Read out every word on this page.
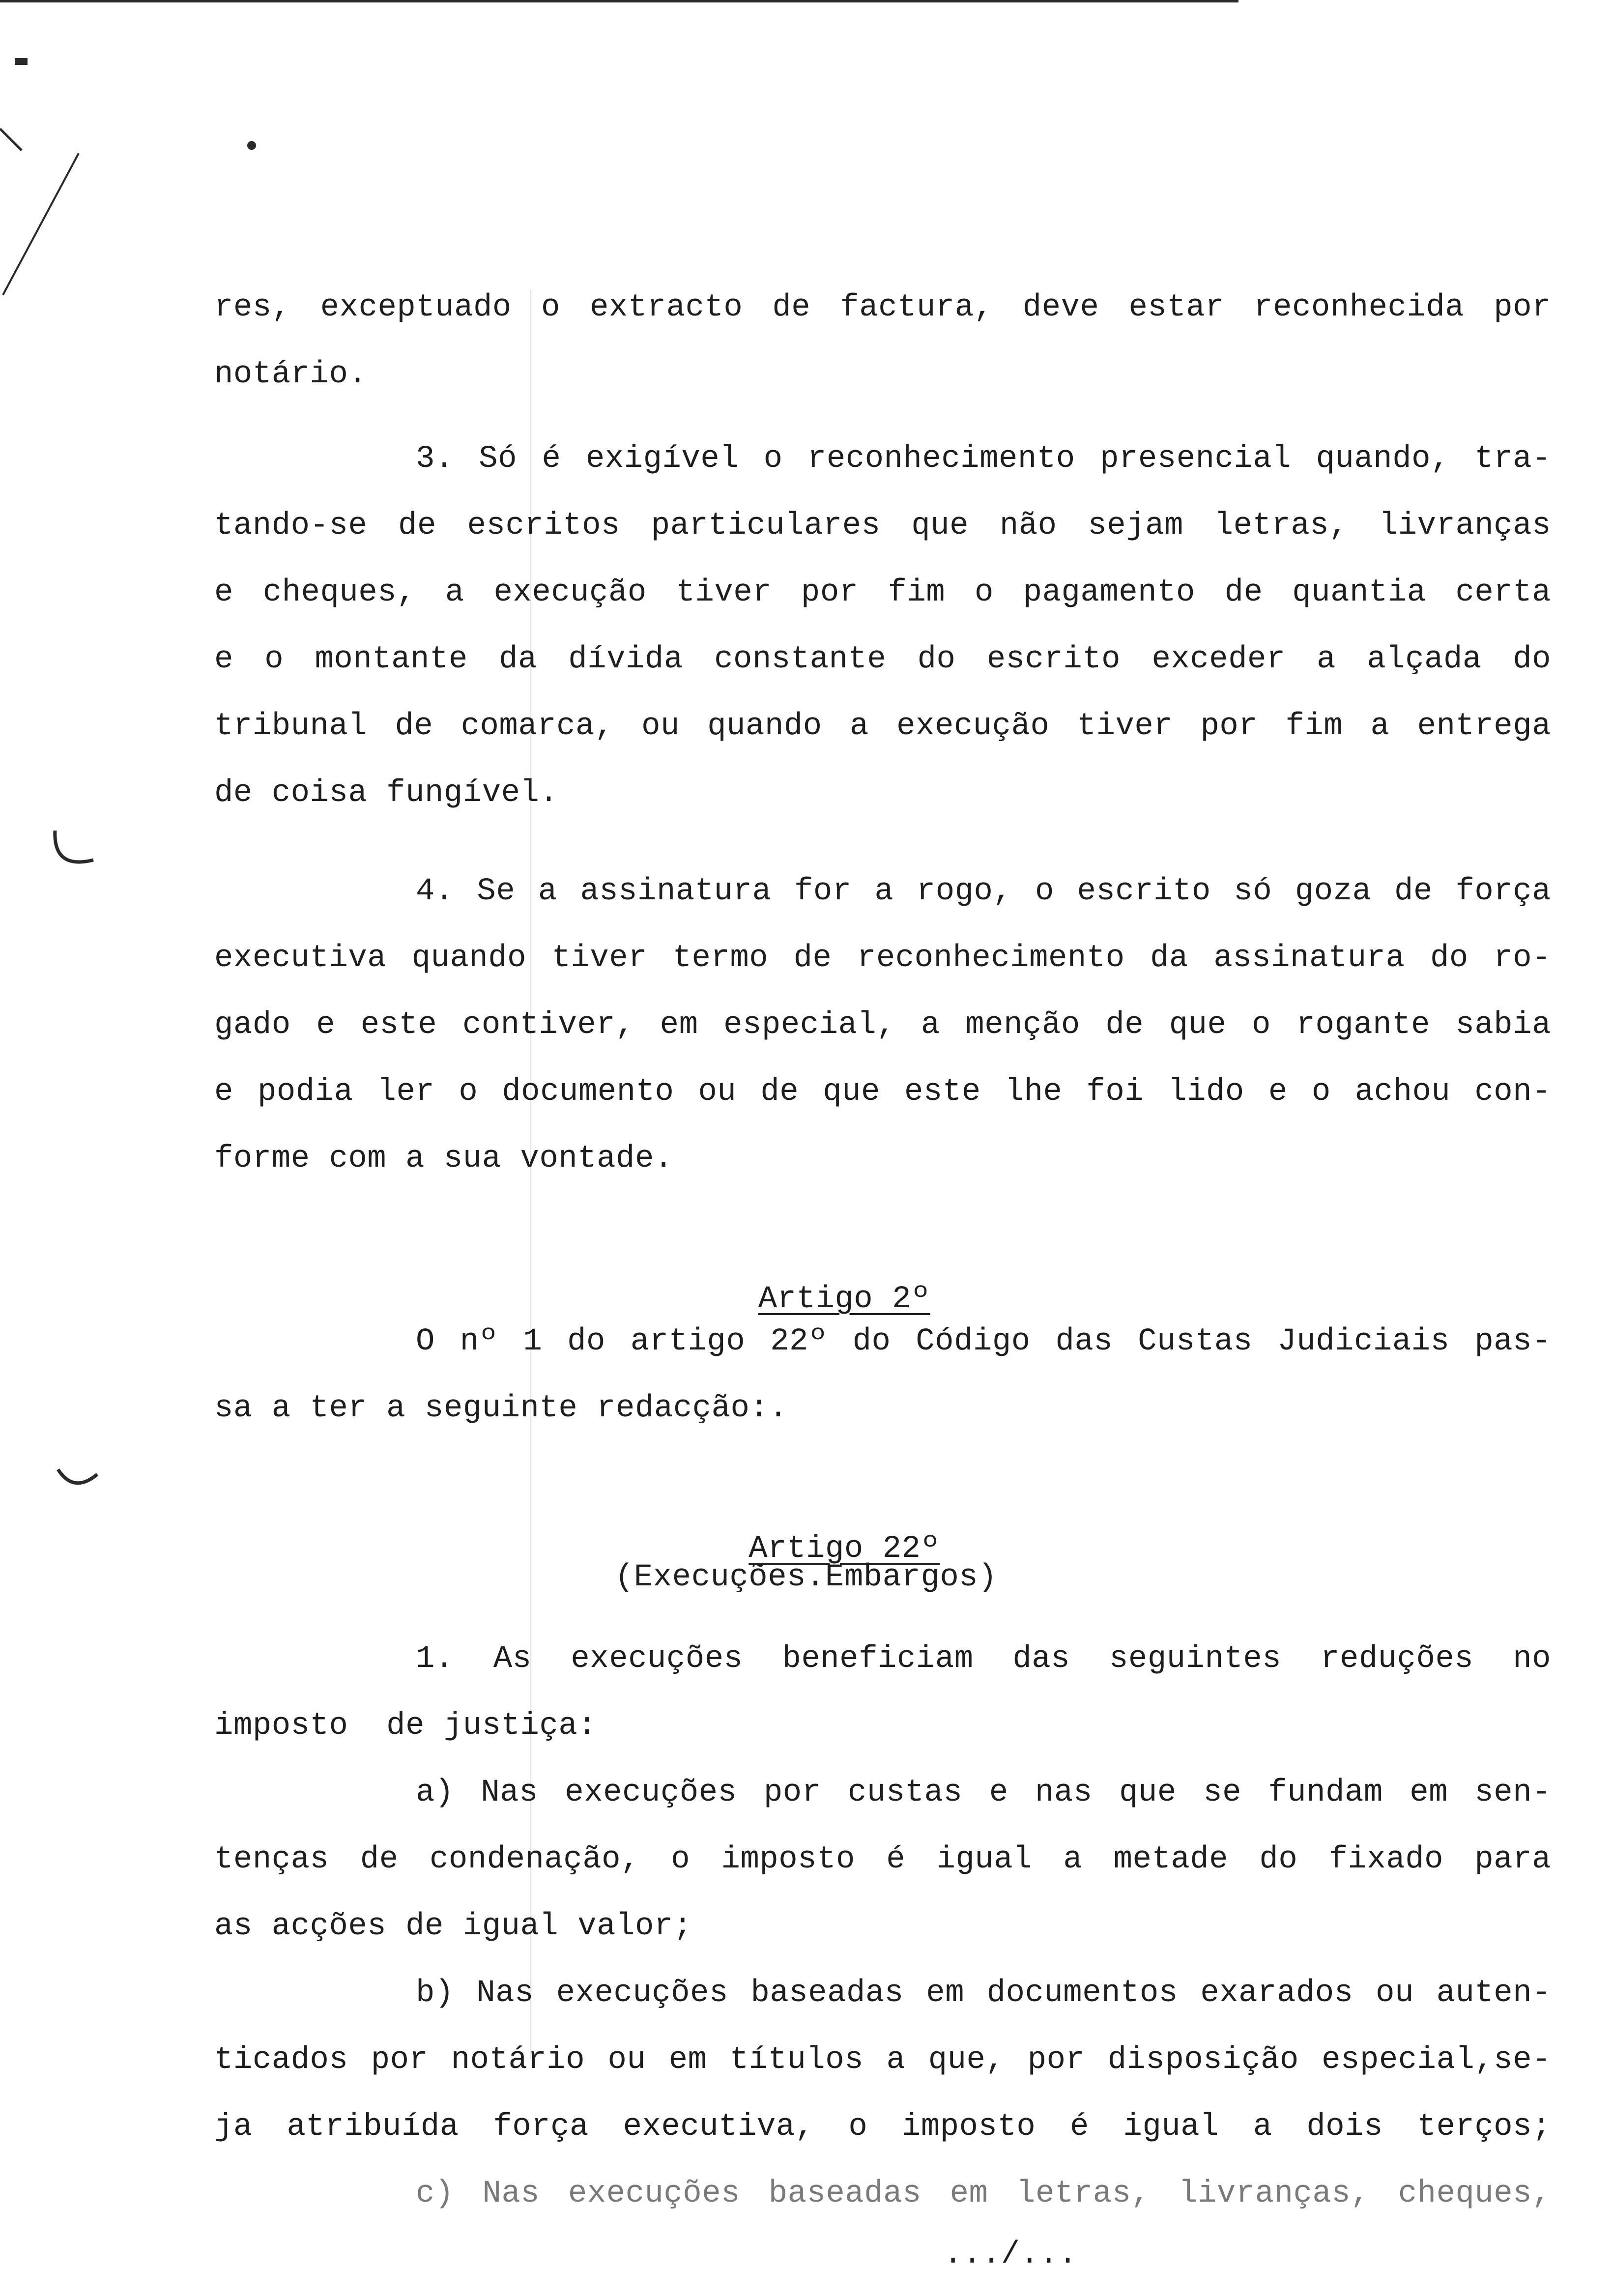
res, exceptuado o extracto de factura, deve estar reconhecida por
notário.
3. Só é exigível o reconhecimento presencial quando, tra-
tando-se de escritos particulares que não sejam letras, livranças
e cheques, a execução tiver por fim o pagamento de quantia certa
e o montante da dívida constante do escrito exceder a alçada do
tribunal de comarca, ou quando a execução tiver por fim a entrega
de coisa fungível.
4. Se a assinatura for a rogo, o escrito só goza de força
executiva quando tiver termo de reconhecimento da assinatura do ro-
gado e este contiver, em especial, a menção de que o rogante sabia
e podia ler o documento ou de que este lhe foi lido e o achou con-
forme com a sua vontade.

Artigo 2º

O nº 1 do artigo 22º do Código das Custas Judiciais pas-
sa a ter a seguinte redacção:.

Artigo 22º

(Execuções.Embargos)
1. As execuções beneficiam das seguintes reduções no
imposto  de justiça:
a) Nas execuções por custas e nas que se fundam em sen-
tenças de condenação, o imposto é igual a metade do fixado para
as acções de igual valor;
b) Nas execuções baseadas em documentos exarados ou auten-
ticados por notário ou em títulos a que, por disposição especial,se-
ja atribuída força executiva, o imposto é igual a dois terços;
c) Nas execuções baseadas em letras, livranças, cheques,
.../...
